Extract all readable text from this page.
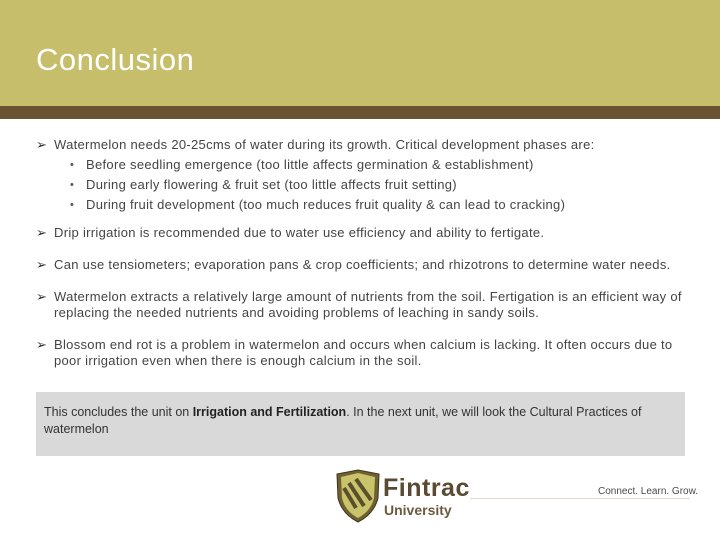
Conclusion
➢ Watermelon needs 20-25cms of water during its growth. Critical development phases are:
• Before seedling emergence (too little affects germination & establishment)
• During early flowering & fruit set (too little affects fruit setting)
• During fruit development (too much reduces fruit quality & can lead to cracking)
➢ Drip irrigation is recommended due to water use efficiency and ability to fertigate.
➢ Can use tensiometers; evaporation pans & crop coefficients; and rhizotrons to determine water needs.
➢ Watermelon extracts a relatively large amount of nutrients from the soil. Fertigation is an efficient way of replacing the needed nutrients and avoiding problems of leaching in sandy soils.
➢ Blossom end rot is a problem in watermelon and occurs when calcium is lacking. It often occurs due to poor irrigation even when there is enough calcium in the soil.
This concludes the unit on Irrigation and Fertilization. In the next unit, we will look the Cultural Practices of watermelon
Fintrac
University
Connect. Learn. Grow.
